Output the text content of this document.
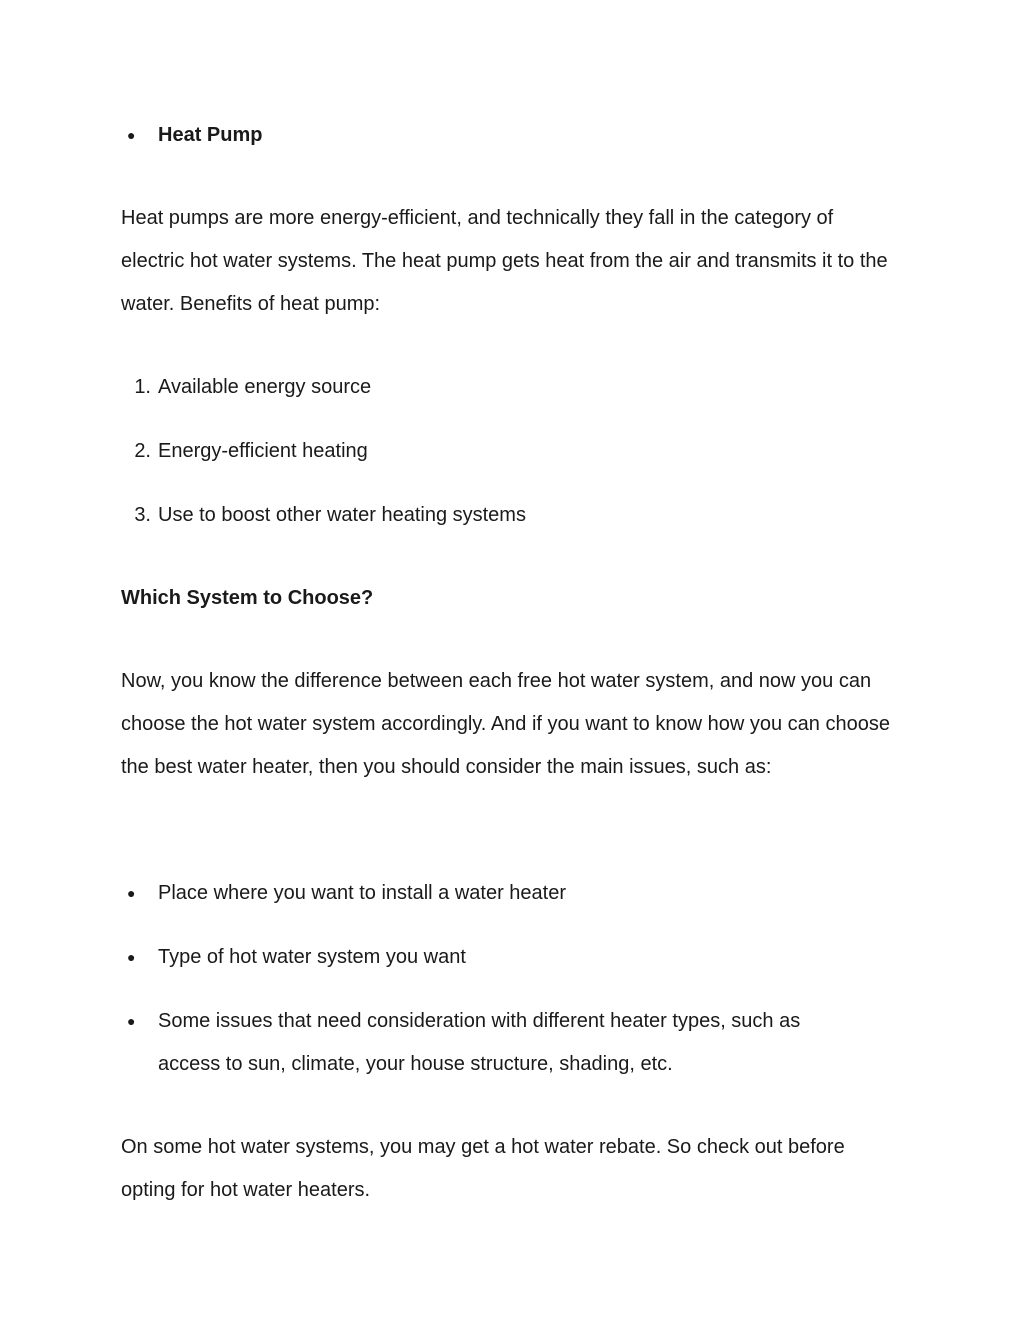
● Heat Pump

Heat pumps are more energy-efficient, and technically they fall in the category of electric hot water systems. The heat pump gets heat from the air and transmits it to the water. Benefits of heat pump:

1. Available energy source
2. Energy-efficient heating
3. Use to boost other water heating systems

Which System to Choose?

Now, you know the difference between each free hot water system, and now you can choose the hot water system accordingly. And if you want to know how you can choose the best water heater, then you should consider the main issues, such as:

● Place where you want to install a water heater
● Type of hot water system you want
● Some issues that need consideration with different heater types, such as access to sun, climate, your house structure, shading, etc.

On some hot water systems, you may get a hot water rebate. So check out before opting for hot water heaters.
